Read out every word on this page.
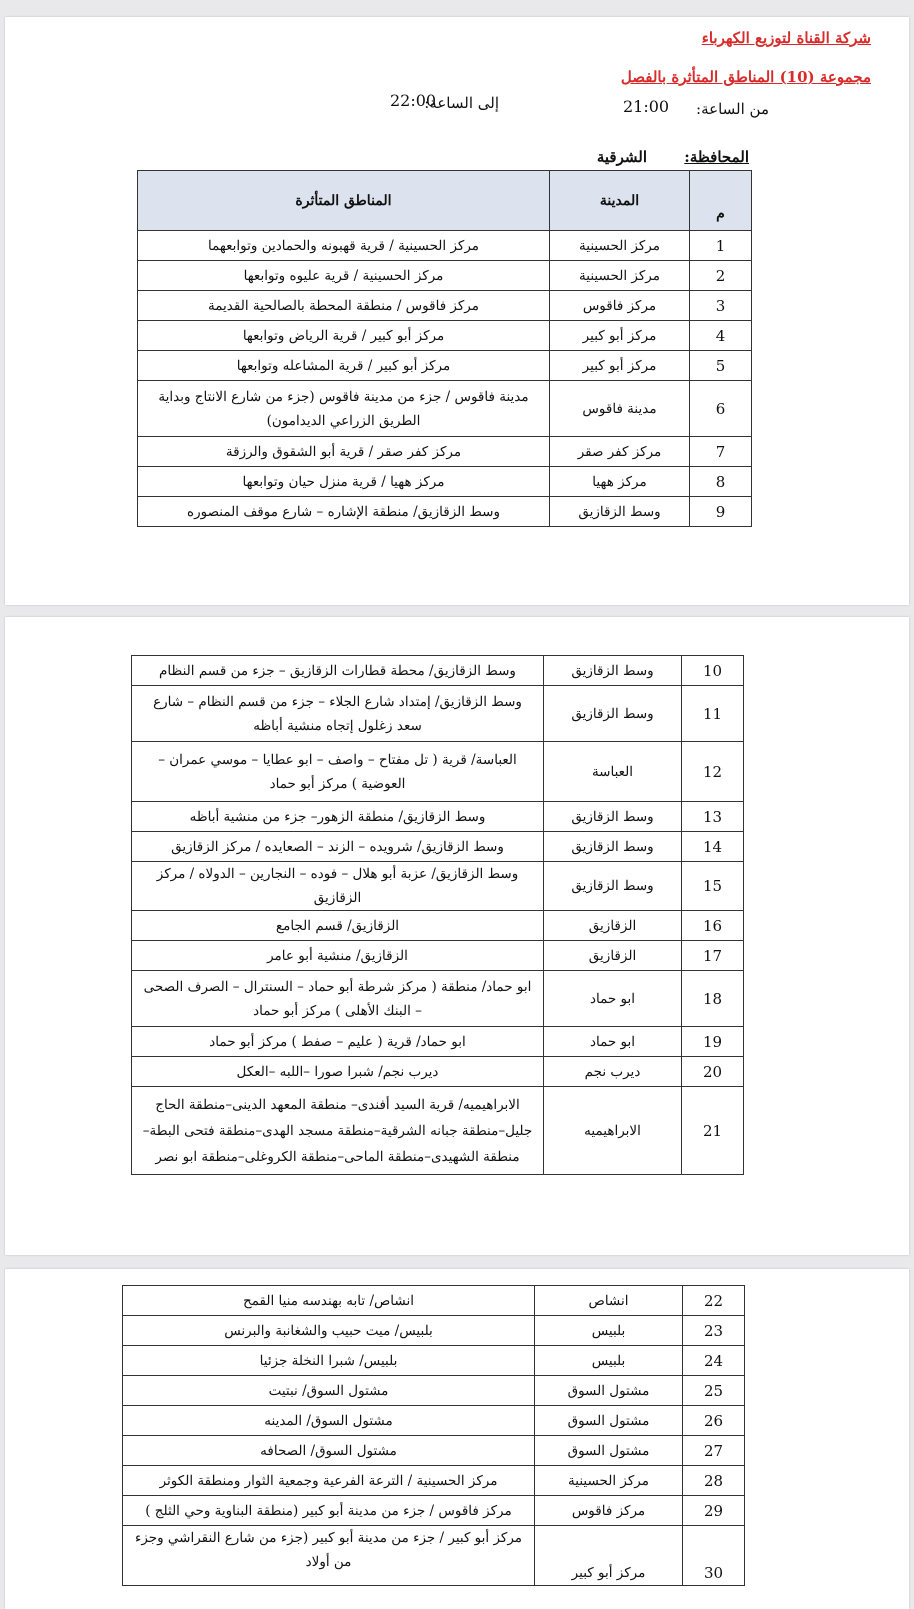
شركة القناة لتوزيع الكهرباء
مجموعة (10) المناطق المتأثرة بالفصل
من الساعة:
21:00
إلى الساعة:
22:00
المحافظة:
الشرقية
م	المدينة	المناطق المتأثرة
1	مركز الحسينية	مركز الحسينية / قرية قهبونه والحمادين وتوابعهما
2	مركز الحسينية	مركز الحسينية / قرية عليوه وتوابعها
3	مركز فاقوس	مركز فاقوس / منطقة المحطة بالصالحية القديمة
4	مركز أبو كبير	مركز أبو كبير / قرية الرياض وتوابعها
5	مركز أبو كبير	مركز أبو كبير / قرية المشاعله وتوابعها
6	مدينة فاقوس	مدينة فاقوس / جزء من مدينة فاقوس (جزء من شارع الانتاج وبداية الطريق الزراعي الديدامون)
7	مركز كفر صقر	مركز كفر صقر / قرية أبو الشقوق والرزقة
8	مركز ههيا	مركز ههيا / قرية منزل حيان وتوابعها
9	وسط الزقازيق	وسط الزقازيق/ منطقة الإشاره – شارع موقف المنصوره
10	وسط الزقازيق	وسط الزقازيق/ محطة قطارات الزقازيق – جزء من قسم النظام
11	وسط الزقازيق	وسط الزقازيق/ إمتداد شارع الجلاء – جزء من قسم النظام – شارع سعد زغلول إتجاه منشية أباظه
12	العباسة	العباسة/ قرية ( تل مفتاح – واصف – ابو عطايا – موسي عمران – العوضية ) مركز أبو حماد
13	وسط الزقازيق	وسط الزقازيق/ منطقة الزهور– جزء من منشية أباظه
14	وسط الزقازيق	وسط الزقازيق/ شرويده – الزند – الصعايده / مركز الزقازيق
15	وسط الزقازيق	وسط الزقازيق/ عزبة أبو هلال – فوده – النجارين – الدولاه / مركز الزقازيق
16	الزقازيق	الزقازيق/ قسم الجامع
17	الزقازيق	الزقازيق/ منشية أبو عامر
18	ابو حماد	ابو حماد/ منطقة ( مركز شرطة أبو حماد – السنترال – الصرف الصحى – البنك الأهلى ) مركز أبو حماد
19	ابو حماد	ابو حماد/ قرية ( عليم – صفط ) مركز أبو حماد
20	ديرب نجم	ديرب نجم/ شبرا صورا –اللبه –العكل
21	الابراهيميه	الابراهيميه/ قرية السيد أفندى– منطقة المعهد الدينى–منطقة الحاج جليل–منطقة جبانه الشرقية–منطقة مسجد الهدى–منطقة فتحى البطة–منطقة الشهيدى–منطقة الماحى–منطقة الكروغلى–منطقة ابو نصر
22	انشاص	انشاص/ تابه بهندسه منيا القمح
23	بلبيس	بلبيس/ ميت حبيب والشغانبة والبرنس
24	بلبيس	بلبيس/ شبرا النخلة جزئيا
25	مشتول السوق	مشتول السوق/ نبتيت
26	مشتول السوق	مشتول السوق/ المدينه
27	مشتول السوق	مشتول السوق/ الصحافه
28	مركز الحسينية	مركز الحسينية / الترعة الفرعية وجمعية الثوار ومنطقة الكوثر
29	مركز فاقوس	مركز فاقوس / جزء من مدينة أبو كبير (منطقة البناوية وحي الثلج )
30	مركز أبو كبير	مركز أبو كبير / جزء من مدينة أبو كبير (جزء من شارع النقراشي وجزء من أولاد
